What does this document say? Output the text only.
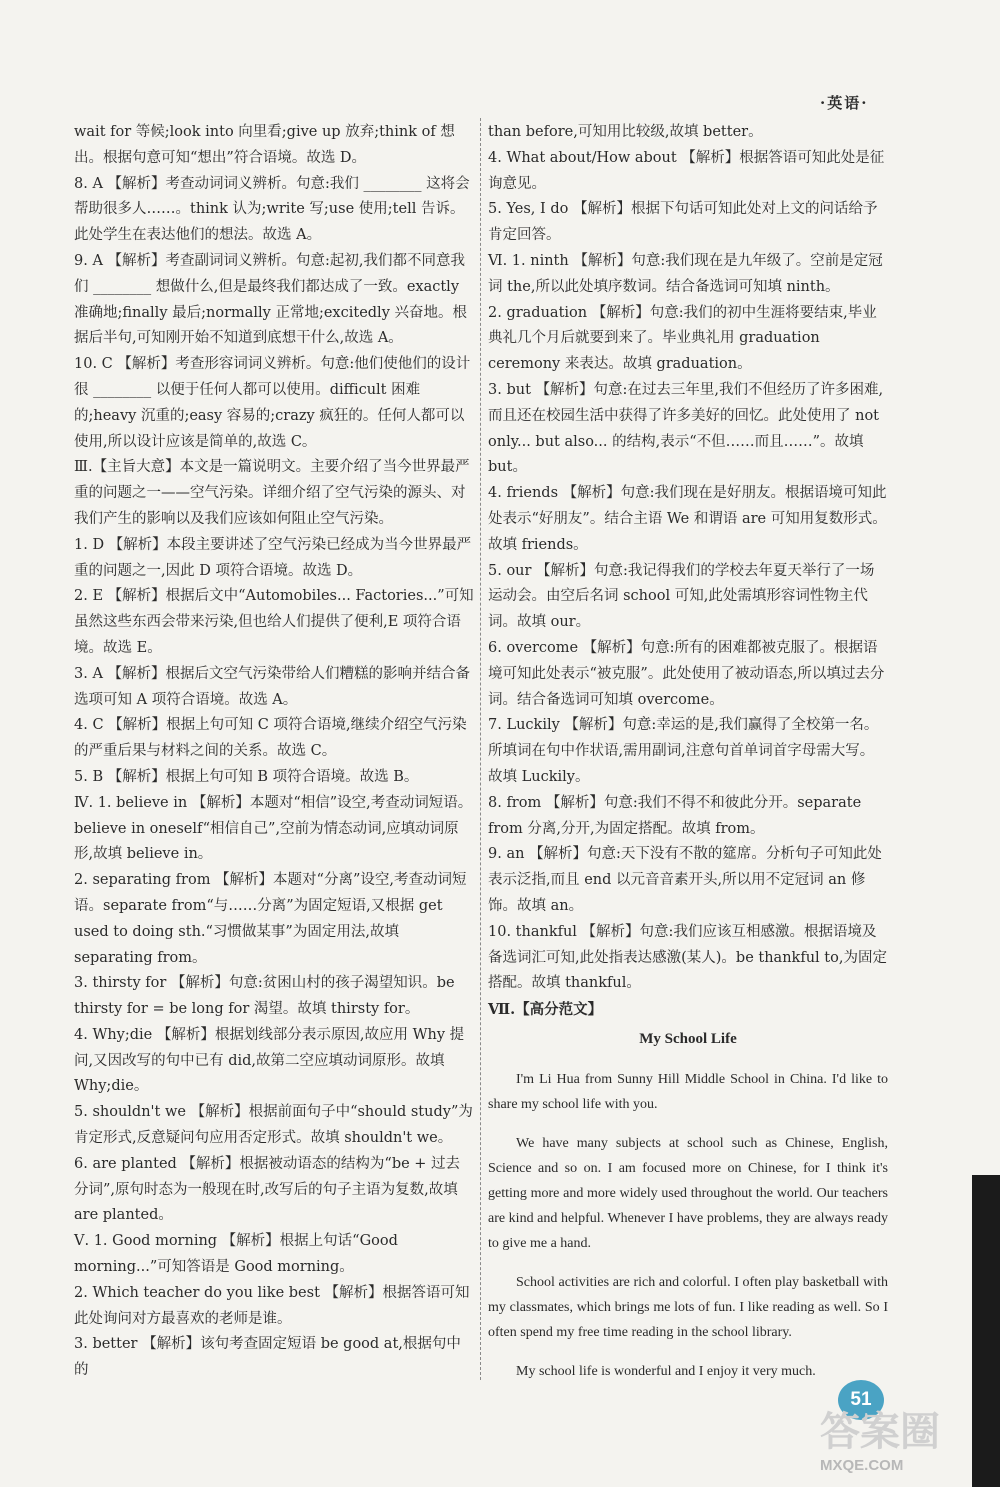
·英语·

wait for 等候;look into 向里看;give up 放弃;think of 想出。根据句意可知“想出”符合语境。故选 D。

8. A 【解析】考查动词词义辨析。句意:我们 ________ 这将会帮助很多人……。think 认为;write 写;use 使用;tell 告诉。此处学生在表达他们的想法。故选 A。

9. A 【解析】考查副词词义辨析。句意:起初,我们都不同意我们 ________ 想做什么,但是最终我们都达成了一致。exactly 准确地;finally 最后;normally 正常地;excitedly 兴奋地。根据后半句,可知刚开始不知道到底想干什么,故选 A。

10. C 【解析】考查形容词词义辨析。句意:他们使他们的设计很 ________ 以便于任何人都可以使用。difficult 困难的;heavy 沉重的;easy 容易的;crazy 疯狂的。任何人都可以使用,所以设计应该是简单的,故选 C。

Ⅲ.【主旨大意】本文是一篇说明文。主要介绍了当今世界最严重的问题之一——空气污染。详细介绍了空气污染的源头、对我们产生的影响以及我们应该如何阻止空气污染。

1. D 【解析】本段主要讲述了空气污染已经成为当今世界最严重的问题之一,因此 D 项符合语境。故选 D。

2. E 【解析】根据后文中“Automobiles... Factories...”可知虽然这些东西会带来污染,但也给人们提供了便利,E 项符合语境。故选 E。

3. A 【解析】根据后文空气污染带给人们糟糕的影响并结合备选项可知 A 项符合语境。故选 A。

4. C 【解析】根据上句可知 C 项符合语境,继续介绍空气污染的严重后果与材料之间的关系。故选 C。

5. B 【解析】根据上句可知 B 项符合语境。故选 B。

Ⅳ. 1. believe in 【解析】本题对“相信”设空,考查动词短语。believe in oneself“相信自己”,空前为情态动词,应填动词原形,故填 believe in。

2. separating from 【解析】本题对“分离”设空,考查动词短语。separate from“与……分离”为固定短语,又根据 get used to doing sth.“习惯做某事”为固定用法,故填 separating from。

3. thirsty for 【解析】句意:贫困山村的孩子渴望知识。be thirsty for = be long for 渴望。故填 thirsty for。

4. Why;die 【解析】根据划线部分表示原因,故应用 Why 提问,又因改写的句中已有 did,故第二空应填动词原形。故填 Why;die。

5. shouldn't we 【解析】根据前面句子中“should study”为肯定形式,反意疑问句应用否定形式。故填 shouldn't we。

6. are planted 【解析】根据被动语态的结构为“be + 过去分词”,原句时态为一般现在时,改写后的句子主语为复数,故填 are planted。

Ⅴ. 1. Good morning 【解析】根据上句话“Good morning...”可知答语是 Good morning。

2. Which teacher do you like best 【解析】根据答语可知此处询问对方最喜欢的老师是谁。

3. better 【解析】该句考查固定短语 be good at,根据句中的

than before,可知用比较级,故填 better。

4. What about/How about 【解析】根据答语可知此处是征询意见。

5. Yes, I do 【解析】根据下句话可知此处对上文的问话给予肯定回答。

Ⅵ. 1. ninth 【解析】句意:我们现在是九年级了。空前是定冠词 the,所以此处填序数词。结合备选词可知填 ninth。

2. graduation 【解析】句意:我们的初中生涯将要结束,毕业典礼几个月后就要到来了。毕业典礼用 graduation ceremony 来表达。故填 graduation。

3. but 【解析】句意:在过去三年里,我们不但经历了许多困难,而且还在校园生活中获得了许多美好的回忆。此处使用了 not only... but also... 的结构,表示“不但……而且……”。故填 but。

4. friends 【解析】句意:我们现在是好朋友。根据语境可知此处表示“好朋友”。结合主语 We 和谓语 are 可知用复数形式。故填 friends。

5. our 【解析】句意:我记得我们的学校去年夏天举行了一场运动会。由空后名词 school 可知,此处需填形容词性物主代词。故填 our。

6. overcome 【解析】句意:所有的困难都被克服了。根据语境可知此处表示“被克服”。此处使用了被动语态,所以填过去分词。结合备选词可知填 overcome。

7. Luckily 【解析】句意:幸运的是,我们赢得了全校第一名。所填词在句中作状语,需用副词,注意句首单词首字母需大写。故填 Luckily。

8. from 【解析】句意:我们不得不和彼此分开。separate from 分离,分开,为固定搭配。故填 from。

9. an 【解析】句意:天下没有不散的筵席。分析句子可知此处表示泛指,而且 end 以元音音素开头,所以用不定冠词 an 修饰。故填 an。

10. thankful 【解析】句意:我们应该互相感激。根据语境及备选词汇可知,此处指表达感激(某人)。be thankful to,为固定搭配。故填 thankful。

Ⅶ.【高分范文】

My School Life

I'm Li Hua from Sunny Hill Middle School in China. I'd like to share my school life with you.

We have many subjects at school such as Chinese, English, Science and so on. I am focused more on Chinese, for I think it's getting more and more widely used throughout the world. Our teachers are kind and helpful. Whenever I have problems, they are always ready to give me a hand.

School activities are rich and colorful. I often play basketball with my classmates, which brings me lots of fun. I like reading as well. So I often spend my free time reading in the school library.

My school life is wonderful and I enjoy it very much.

51
答案圈
MXQE.COM
